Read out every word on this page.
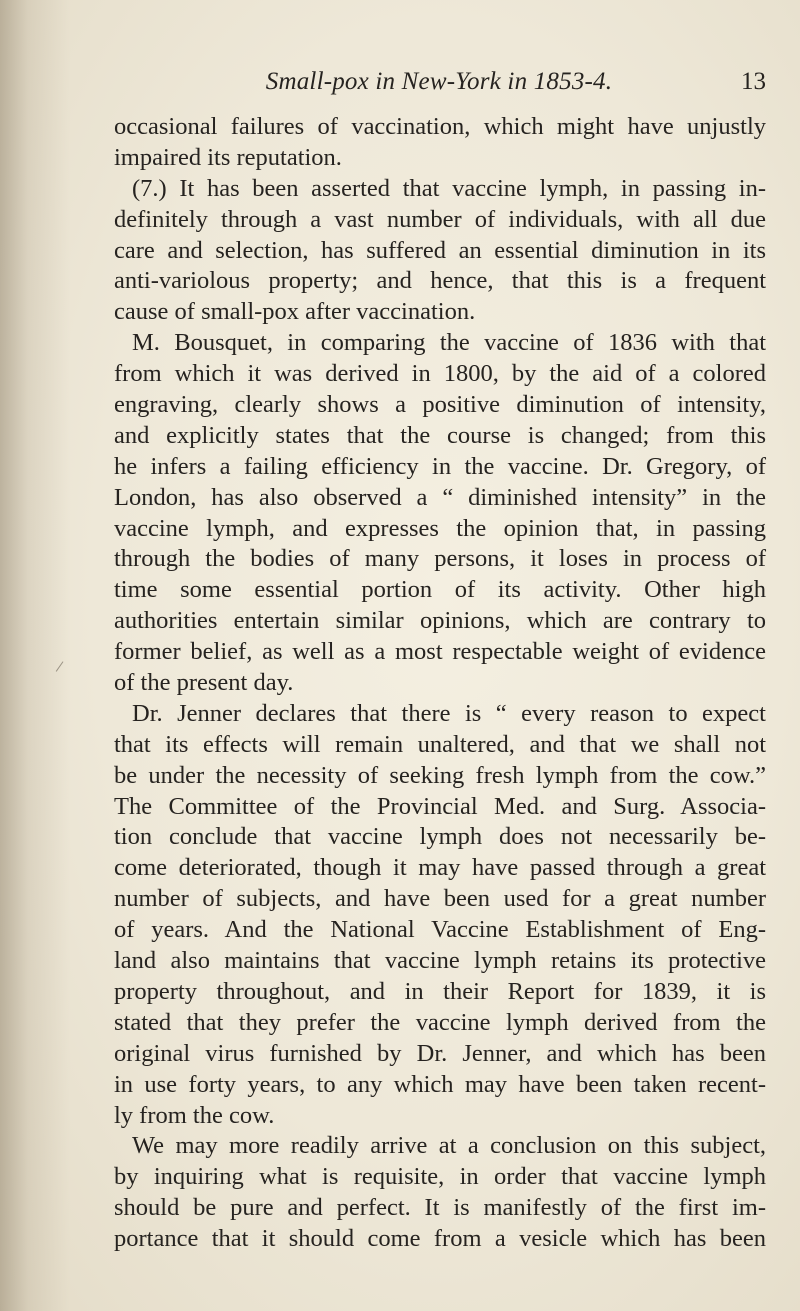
Small-pox in New-York in 1853-4.	13
occasional failures of vaccination, which might have unjustly
impaired its reputation.
(7.) It has been asserted that vaccine lymph, in passing in-
definitely through a vast number of individuals, with all due
care and selection, has suffered an essential diminution in its
anti-variolous property; and hence, that this is a frequent
cause of small-pox after vaccination.
M. Bousquet, in comparing the vaccine of 1836 with that
from which it was derived in 1800, by the aid of a colored
engraving, clearly shows a positive diminution of intensity,
and explicitly states that the course is changed; from this
he infers a failing efficiency in the vaccine. Dr. Gregory, of
London, has also observed a “ diminished intensity” in the
vaccine lymph, and expresses the opinion that, in passing
through the bodies of many persons, it loses in process of
time some essential portion of its activity. Other high
authorities entertain similar opinions, which are contrary to
former belief, as well as a most respectable weight of evidence
of the present day.
Dr. Jenner declares that there is “ every reason to expect
that its effects will remain unaltered, and that we shall not
be under the necessity of seeking fresh lymph from the cow.”
The Committee of the Provincial Med. and Surg. Associa-
tion conclude that vaccine lymph does not necessarily be-
come deteriorated, though it may have passed through a great
number of subjects, and have been used for a great number
of years. And the National Vaccine Establishment of Eng-
land also maintains that vaccine lymph retains its protective
property throughout, and in their Report for 1839, it is
stated that they prefer the vaccine lymph derived from the
original virus furnished by Dr. Jenner, and which has been
in use forty years, to any which may have been taken recent-
ly from the cow.
We may more readily arrive at a conclusion on this subject,
by inquiring what is requisite, in order that vaccine lymph
should be pure and perfect. It is manifestly of the first im-
portance that it should come from a vesicle which has been
